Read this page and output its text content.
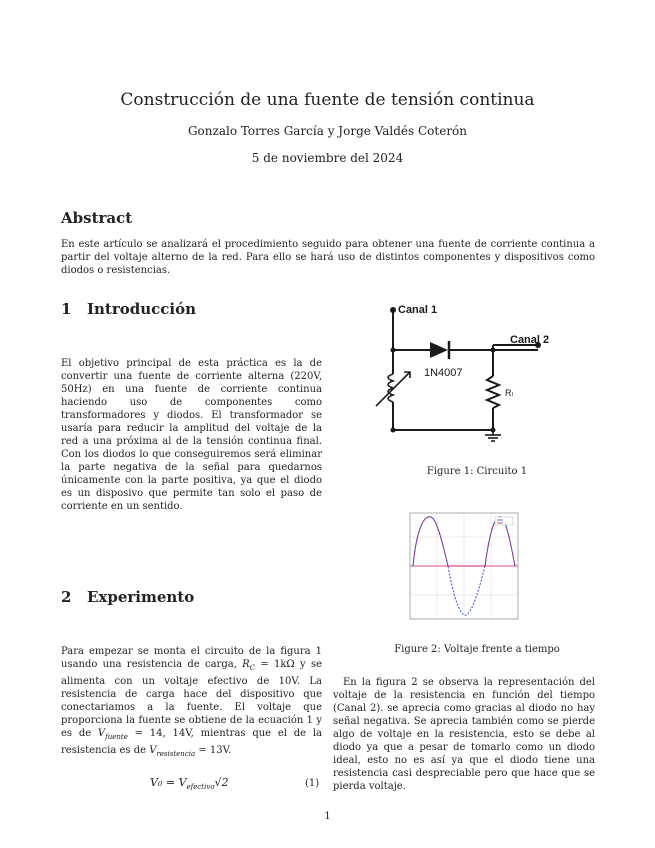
Construcción de una fuente de tensión continua
Gonzalo Torres García y Jorge Valdés Coterón
5 de noviembre del 2024
Abstract
En este artículo se analizará el procedimiento seguido para obtener una fuente de corriente continua a partir del voltaje alterno de la red. Para ello se hará uso de distintos componentes y dispositivos como diodos o resistencias.
1 Introducción
El objetivo principal de esta práctica es la de convertir una fuente de corriente alterna (220V, 50Hz) en una fuente de corriente continua haciendo uso de componentes como transformadores y diodos. El transformador se usaría para reducir la amplitud del voltaje de la red a una próxima al de la tensión continua final. Con los diodos lo que conseguiremos será eliminar la parte negativa de la señal para quedarnos únicamente con la parte positiva, ya que el diodo es un disposivo que permite tan solo el paso de corriente en un sentido.
Canal 1
Canal 2
1N4007
Rₗ
Figure 1: Circuito 1
Figure 2: Voltaje frente a tiempo
2 Experimento
Para empezar se monta el circuito de la figura 1 usando una resistencia de carga, $R_C = 1k\Omega$ y se alimenta con un voltaje efectivo de 10V. La resistencia de carga hace del dispositivo que conectariamos a la fuente. El voltaje que proporciona la fuente se obtiene de la ecuación 1 y es de $V_{fuente} = 14$, 14V, mientras que el de la resistencia es de $V_{resistencia} = 13V$.
$V_0 = V_{efectivo}√2$	(1)
En la figura 2 se observa la representación del voltaje de la resistencia en función del tiempo (Canal 2). se aprecia como gracias al diodo no hay señal negativa. Se aprecia también como se pierde algo de voltaje en la resistencia, esto se debe al diodo ya que a pesar de tomarlo como un diodo ideal, esto no es así ya que el diodo tiene una resistencia casi despreciable pero que hace que se pierda voltaje.
1
